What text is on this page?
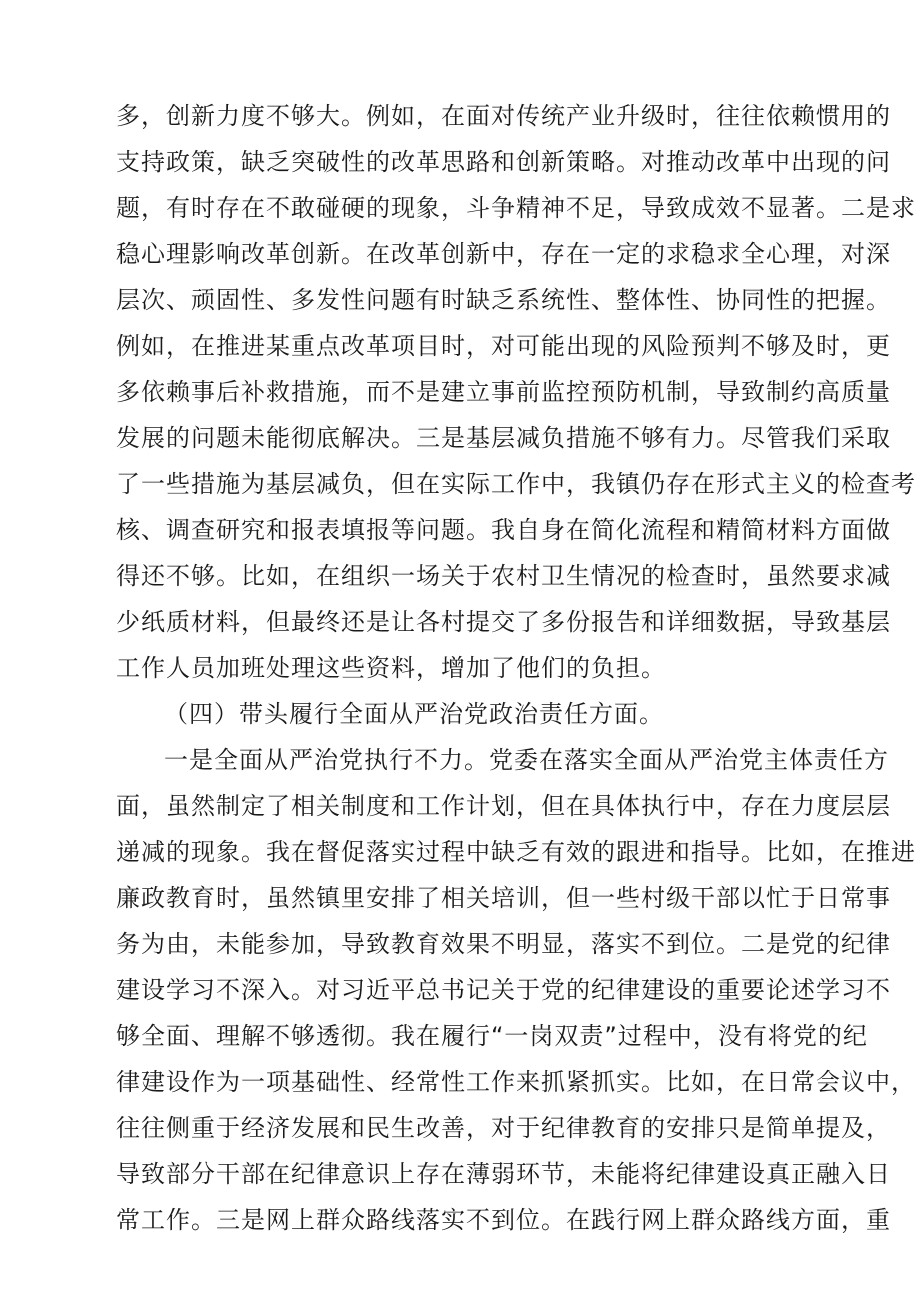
多，创新力度不够大。例如，在面对传统产业升级时，往往依赖惯用的
支持政策，缺乏突破性的改革思路和创新策略。对推动改革中出现的问
题，有时存在不敢碰硬的现象，斗争精神不足，导致成效不显著。二是求
稳心理影响改革创新。在改革创新中，存在一定的求稳求全心理，对深
层次、顽固性、多发性问题有时缺乏系统性、整体性、协同性的把握。
例如，在推进某重点改革项目时，对可能出现的风险预判不够及时，更
多依赖事后补救措施，而不是建立事前监控预防机制，导致制约高质量
发展的问题未能彻底解决。三是基层减负措施不够有力。尽管我们采取
了一些措施为基层减负，但在实际工作中，我镇仍存在形式主义的检查考
核、调查研究和报表填报等问题。我自身在简化流程和精简材料方面做
得还不够。比如，在组织一场关于农村卫生情况的检查时，虽然要求减
少纸质材料，但最终还是让各村提交了多份报告和详细数据，导致基层
工作人员加班处理这些资料，增加了他们的负担。
（四）带头履行全面从严治党政治责任方面。
一是全面从严治党执行不力。党委在落实全面从严治党主体责任方
面，虽然制定了相关制度和工作计划，但在具体执行中，存在力度层层
递减的现象。我在督促落实过程中缺乏有效的跟进和指导。比如，在推进
廉政教育时，虽然镇里安排了相关培训，但一些村级干部以忙于日常事
务为由，未能参加，导致教育效果不明显，落实不到位。二是党的纪律
建设学习不深入。对习近平总书记关于党的纪律建设的重要论述学习不
够全面、理解不够透彻。我在履行“一岗双责”过程中，没有将党的纪
律建设作为一项基础性、经常性工作来抓紧抓实。比如，在日常会议中，
往往侧重于经济发展和民生改善，对于纪律教育的安排只是简单提及，
导致部分干部在纪律意识上存在薄弱环节，未能将纪律建设真正融入日
常工作。三是网上群众路线落实不到位。在践行网上群众路线方面，重
